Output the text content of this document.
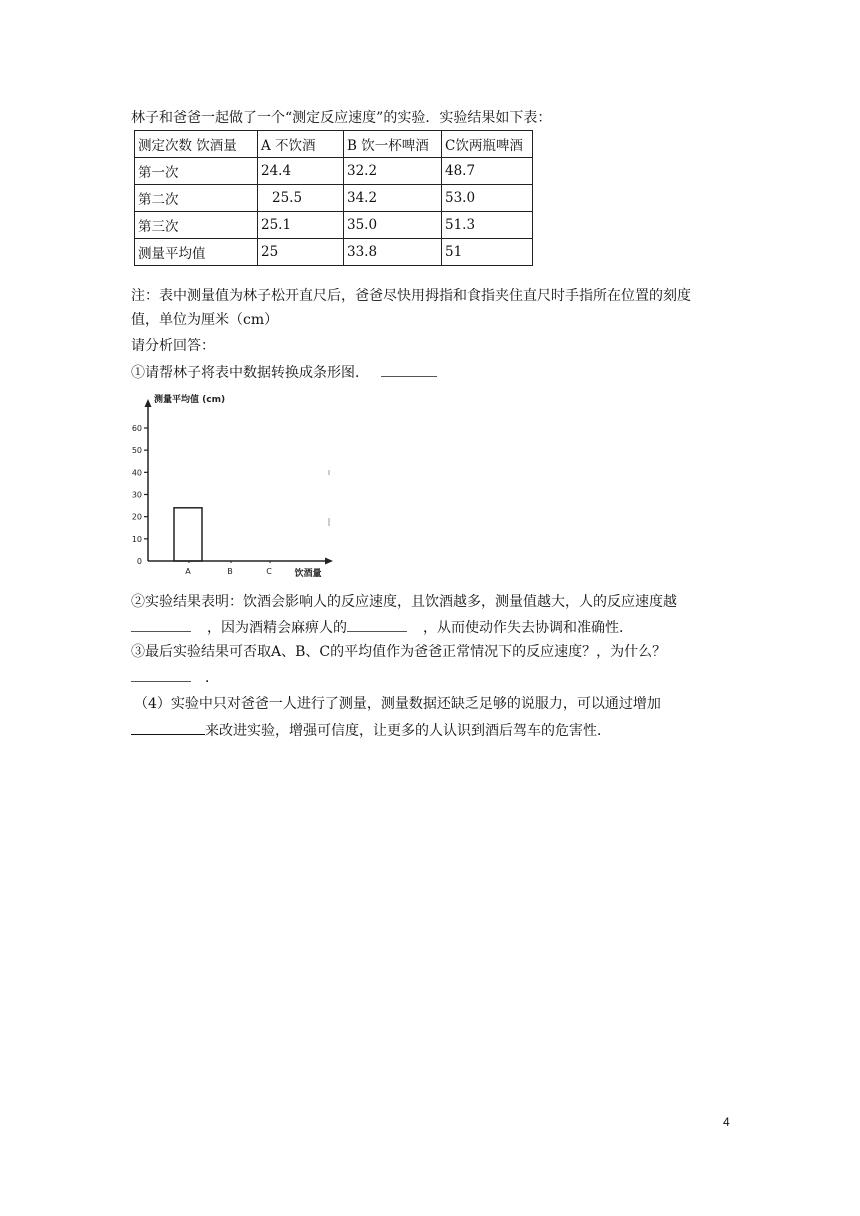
林子和爸爸一起做了一个“测定反应速度”的实验．实验结果如下表：
测定次数 饮酒量	A 不饮酒	B 饮一杯啤酒	C饮两瓶啤酒
第一次	24.4	32.2	48.7
第二次	25.5	34.2	53.0
第三次	25.1	35.0	51.3
测量平均值	25	33.8	51
注：表中测量值为林子松开直尺后，爸爸尽快用拇指和食指夹住直尺时手指所在位置的刻度
值，单位为厘米（cm）
请分析回答：
①请帮林子将表中数据转换成条形图．
0
10
20
30
40
50
60
测量平均值 (cm)
A	B	C	饮酒量
②实验结果表明：饮酒会影响人的反应速度，且饮酒越多，测量值越大，人的反应速度越
，因为酒精会麻痹人的	，从而使动作失去协调和准确性．
③最后实验结果可否取A、B、C的平均值作为爸爸正常情况下的反应速度？，为什么？
．
（4）实验中只对爸爸一人进行了测量，测量数据还缺乏足够的说服力，可以通过增加
来改进实验，增强可信度，让更多的人认识到酒后驾车的危害性．
4
